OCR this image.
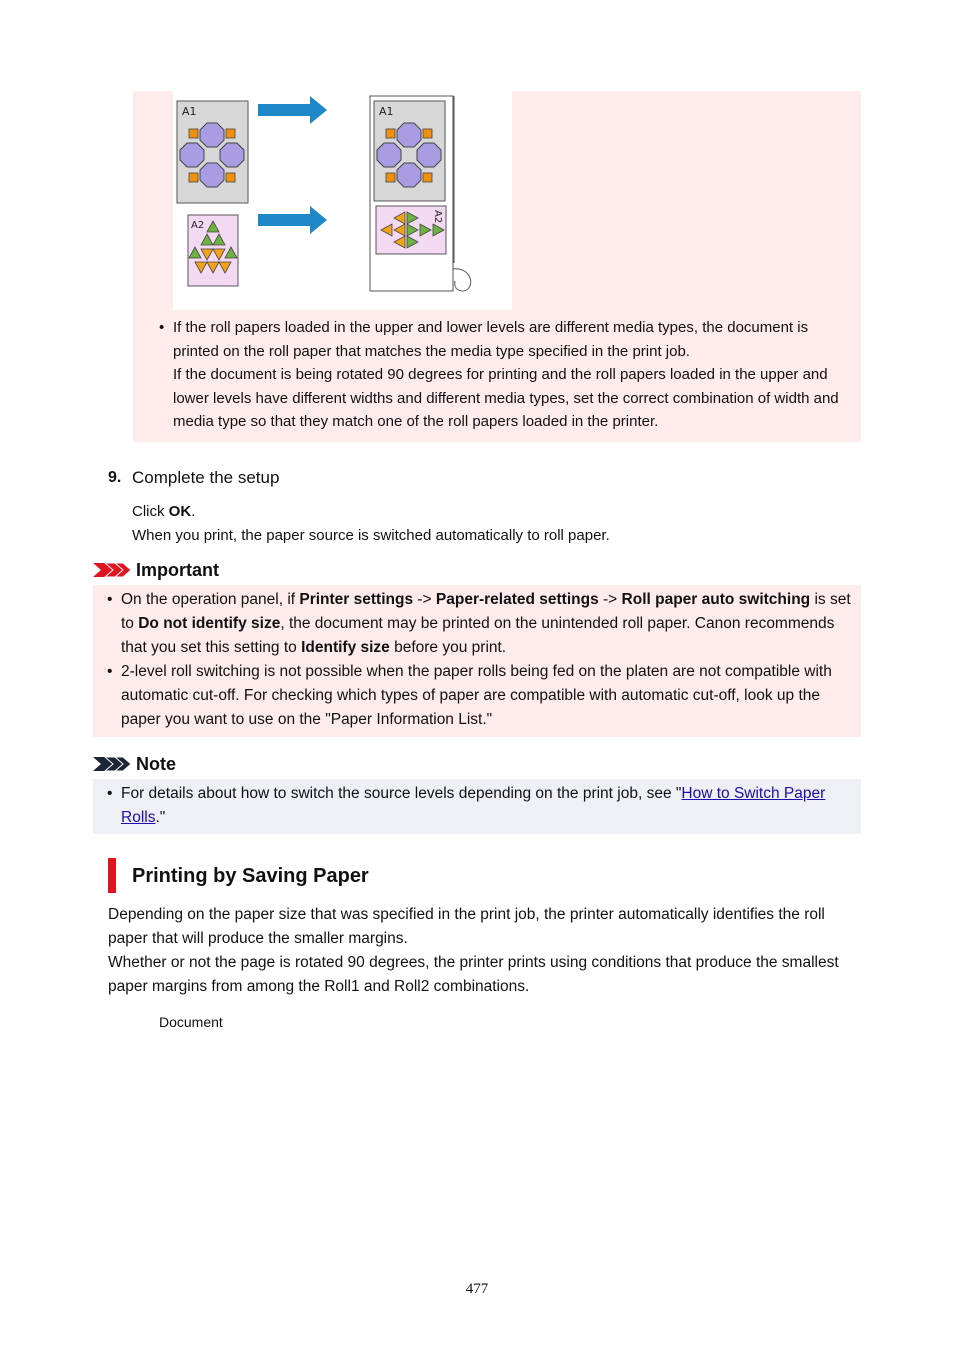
A1
A2
A1
A2
• If the roll papers loaded in the upper and lower levels are different media types, the document is printed on the roll paper that matches the media type specified in the print job.
If the document is being rotated 90 degrees for printing and the roll papers loaded in the upper and lower levels have different widths and different media types, set the correct combination of width and media type so that they match one of the roll papers loaded in the printer.
9. Complete the setup
Click OK.
When you print, the paper source is switched automatically to roll paper.
Important
• On the operation panel, if Printer settings -> Paper-related settings -> Roll paper auto switching is set to Do not identify size, the document may be printed on the unintended roll paper. Canon recommends that you set this setting to Identify size before you print.
• 2-level roll switching is not possible when the paper rolls being fed on the platen are not compatible with automatic cut-off. For checking which types of paper are compatible with automatic cut-off, look up the paper you want to use on the "Paper Information List."
Note
• For details about how to switch the source levels depending on the print job, see "How to Switch Paper Rolls."
Printing by Saving Paper
Depending on the paper size that was specified in the print job, the printer automatically identifies the roll paper that will produce the smaller margins.
Whether or not the page is rotated 90 degrees, the printer prints using conditions that produce the smallest paper margins from among the Roll1 and Roll2 combinations.
Document
477
